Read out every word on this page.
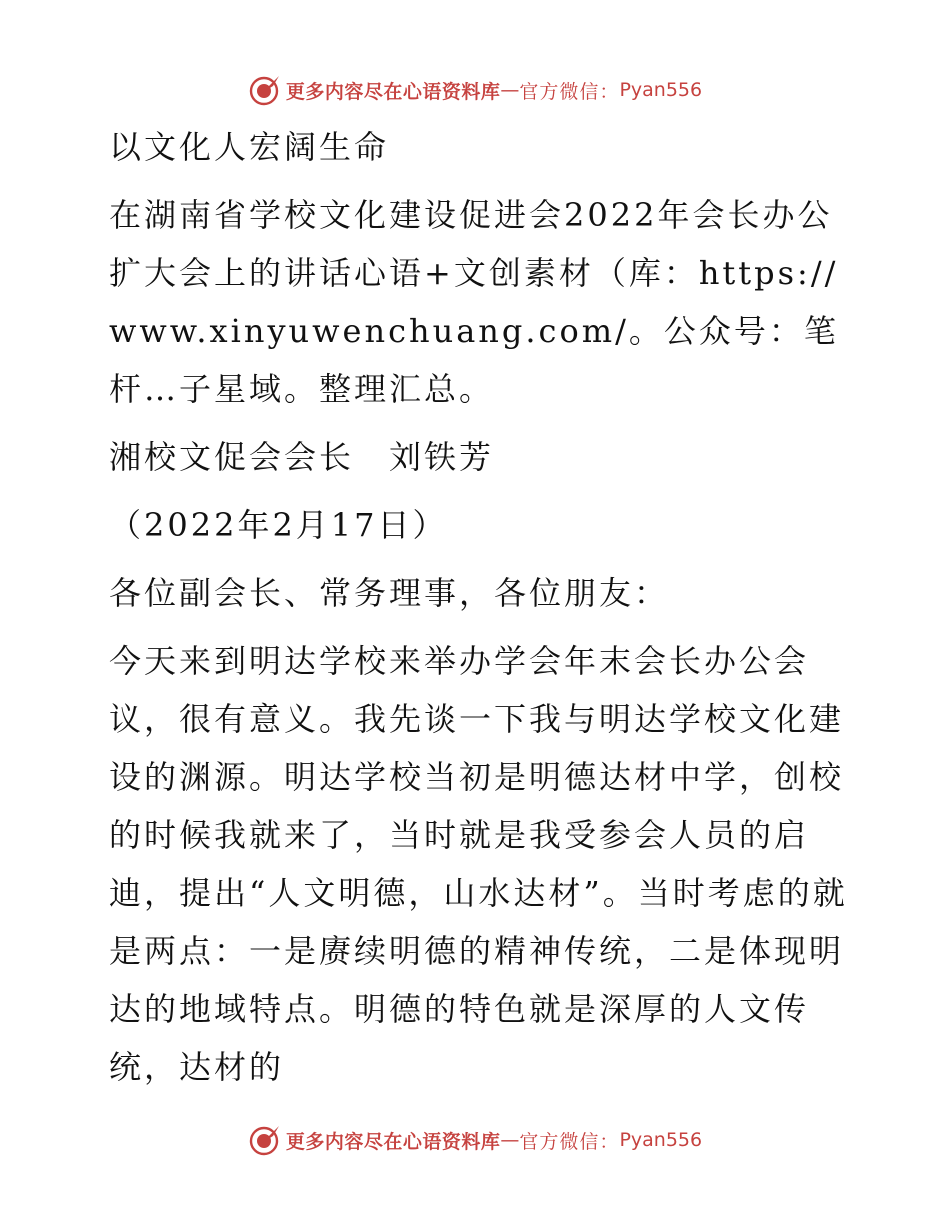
更多内容尽在心语资料库 — 官方微信： Pyan556

以文化人宏阔生命

在湖南省学校文化建设促进会2022年会长办公扩大会上的讲话心语+文创素材（库：https://www.xinyuwenchuang.com/。公众号：笔杆…子星域。整理汇总。

湘校文促会会长　刘铁芳

（2022年2月17日）

各位副会长、常务理事，各位朋友：

今天来到明达学校来举办学会年末会长办公会议，很有意义。我先谈一下我与明达学校文化建设的渊源。明达学校当初是明德达材中学，创校的时候我就来了，当时就是我受参会人员的启迪，提出“人文明德，山水达材”。当时考虑的就是两点：一是赓续明德的精神传统，二是体现明达的地域特点。明德的特色就是深厚的人文传统，达材的

更多内容尽在心语资料库 — 官方微信： Pyan556
